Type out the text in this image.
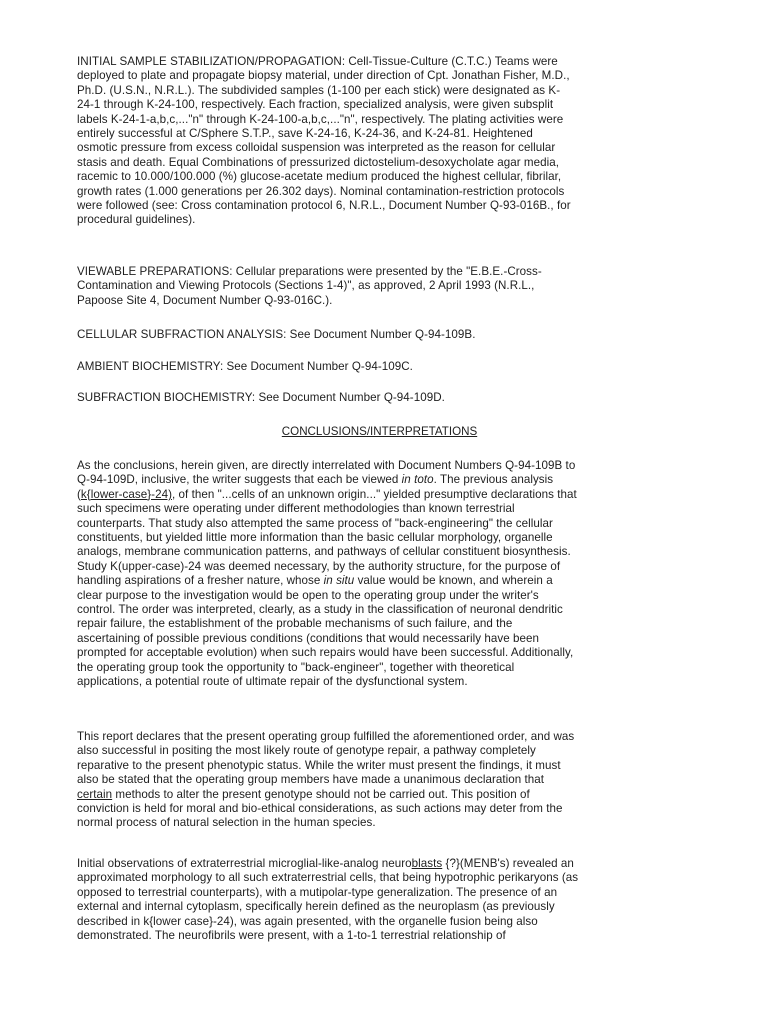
INITIAL SAMPLE STABILIZATION/PROPAGATION: Cell-Tissue-Culture (C.T.C.) Teams were
deployed to plate and propagate biopsy material, under direction of Cpt. Jonathan Fisher, M.D.,
Ph.D. (U.S.N., N.R.L.). The subdivided samples (1-100 per each stick) were designated as K-
24-1 through K-24-100, respectively. Each fraction, specialized analysis, were given subsplit
labels K-24-1-a,b,c,..."n" through K-24-100-a,b,c,..."n", respectively. The plating activities were
entirely successful at C/Sphere S.T.P., save K-24-16, K-24-36, and K-24-81. Heightened
osmotic pressure from excess colloidal suspension was interpreted as the reason for cellular
stasis and death. Equal Combinations of pressurized dictostelium-desoxycholate agar media,
racemic to 10.000/100.000 (%) glucose-acetate medium produced the highest cellular, fibrilar,
growth rates (1.000 generations per 26.302 days). Nominal contamination-restriction protocols
were followed (see: Cross contamination protocol 6, N.R.L., Document Number Q-93-016B., for
procedural guidelines).

VIEWABLE PREPARATIONS: Cellular preparations were presented by the "E.B.E.-Cross-
Contamination and Viewing Protocols (Sections 1-4)", as approved, 2 April 1993 (N.R.L.,
Papoose Site 4, Document Number Q-93-016C.).

CELLULAR SUBFRACTION ANALYSIS: See Document Number Q-94-109B.

AMBIENT BIOCHEMISTRY: See Document Number Q-94-109C.

SUBFRACTION BIOCHEMISTRY: See Document Number Q-94-109D.

CONCLUSIONS/INTERPRETATIONS

As the conclusions, herein given, are directly interrelated with Document Numbers Q-94-109B to
Q-94-109D, inclusive, the writer suggests that each be viewed in toto. The previous analysis
(k{lower-case}-24), of then "...cells of an unknown origin..." yielded presumptive declarations that
such specimens were operating under different methodologies than known terrestrial
counterparts. That study also attempted the same process of "back-engineering" the cellular
constituents, but yielded little more information than the basic cellular morphology, organelle
analogs, membrane communication patterns, and pathways of cellular constituent biosynthesis.
Study K(upper-case)-24 was deemed necessary, by the authority structure, for the purpose of
handling aspirations of a fresher nature, whose in situ value would be known, and wherein a
clear purpose to the investigation would be open to the operating group under the writer's
control. The order was interpreted, clearly, as a study in the classification of neuronal dendritic
repair failure, the establishment of the probable mechanisms of such failure, and the
ascertaining of possible previous conditions (conditions that would necessarily have been
prompted for acceptable evolution) when such repairs would have been successful. Additionally,
the operating group took the opportunity to "back-engineer", together with theoretical
applications, a potential route of ultimate repair of the dysfunctional system.

This report declares that the present operating group fulfilled the aforementioned order, and was
also successful in positing the most likely route of genotype repair, a pathway completely
reparative to the present phenotypic status. While the writer must present the findings, it must
also be stated that the operating group members have made a unanimous declaration that
certain methods to alter the present genotype should not be carried out. This position of
conviction is held for moral and bio-ethical considerations, as such actions may deter from the
normal process of natural selection in the human species.

Initial observations of extraterrestrial microglial-like-analog neuroblasts {?}(MENB's) revealed an
approximated morphology to all such extraterrestrial cells, that being hypotrophic perikaryons (as
opposed to terrestrial counterparts), with a mutipolar-type generalization. The presence of an
external and internal cytoplasm, specifically herein defined as the neuroplasm (as previously
described in k{lower case}-24), was again presented, with the organelle fusion being also
demonstrated. The neurofibrils were present, with a 1-to-1 terrestrial relationship of
